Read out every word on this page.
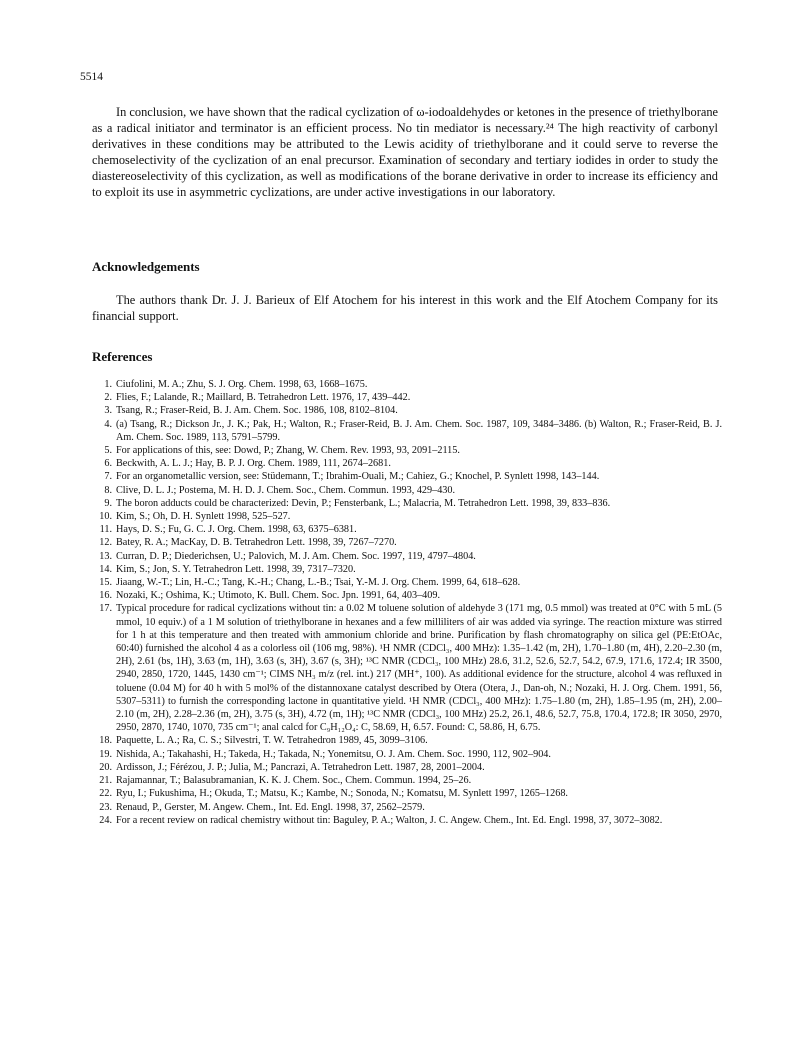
5514

In conclusion, we have shown that the radical cyclization of ω-iodoaldehydes or ketones in the presence of triethylborane as a radical initiator and terminator is an efficient process. No tin mediator is necessary.²⁴ The high reactivity of carbonyl derivatives in these conditions may be attributed to the Lewis acidity of triethylborane and it could serve to reverse the chemoselectivity of the cyclization of an enal precursor. Examination of secondary and tertiary iodides in order to study the diastereoselectivity of this cyclization, as well as modifications of the borane derivative in order to increase its efficiency and to exploit its use in asymmetric cyclizations, are under active investigations in our laboratory.

Acknowledgements

The authors thank Dr. J. J. Barieux of Elf Atochem for his interest in this work and the Elf Atochem Company for its financial support.

References
1. Ciufolini, M. A.; Zhu, S. J. Org. Chem. 1998, 63, 1668–1675.
2. Flies, F.; Lalande, R.; Maillard, B. Tetrahedron Lett. 1976, 17, 439–442.
3. Tsang, R.; Fraser-Reid, B. J. Am. Chem. Soc. 1986, 108, 8102–8104.
4. (a) Tsang, R.; Dickson Jr., J. K.; Pak, H.; Walton, R.; Fraser-Reid, B. J. Am. Chem. Soc. 1987, 109, 3484–3486. (b) Walton, R.; Fraser-Reid, B. J. Am. Chem. Soc. 1989, 113, 5791–5799.
5. For applications of this, see: Dowd, P.; Zhang, W. Chem. Rev. 1993, 93, 2091–2115.
6. Beckwith, A. L. J.; Hay, B. P. J. Org. Chem. 1989, 111, 2674–2681.
7. For an organometallic version, see: Stüdemann, T.; Ibrahim-Ouali, M.; Cahiez, G.; Knochel, P. Synlett 1998, 143–144.
8. Clive, D. L. J.; Postema, M. H. D. J. Chem. Soc., Chem. Commun. 1993, 429–430.
9. The boron adducts could be characterized: Devin, P.; Fensterbank, L.; Malacria, M. Tetrahedron Lett. 1998, 39, 833–836.
10. Kim, S.; Oh, D. H. Synlett 1998, 525–527.
11. Hays, D. S.; Fu, G. C. J. Org. Chem. 1998, 63, 6375–6381.
12. Batey, R. A.; MacKay, D. B. Tetrahedron Lett. 1998, 39, 7267–7270.
13. Curran, D. P.; Diederichsen, U.; Palovich, M. J. Am. Chem. Soc. 1997, 119, 4797–4804.
14. Kim, S.; Jon, S. Y. Tetrahedron Lett. 1998, 39, 7317–7320.
15. Jiaang, W.-T.; Lin, H.-C.; Tang, K.-H.; Chang, L.-B.; Tsai, Y.-M. J. Org. Chem. 1999, 64, 618–628.
16. Nozaki, K.; Oshima, K.; Utimoto, K. Bull. Chem. Soc. Jpn. 1991, 64, 403–409.
17. Typical procedure for radical cyclizations without tin: a 0.02 M toluene solution of aldehyde 3 (171 mg, 0.5 mmol) was treated at 0°C with 5 mL (5 mmol, 10 equiv.) of a 1 M solution of triethylborane in hexanes and a few milliliters of air was added via syringe. The reaction mixture was stirred for 1 h at this temperature and then treated with ammonium chloride and brine. Purification by flash chromatography on silica gel (PE:EtOAc, 60:40) furnished the alcohol 4 as a colorless oil (106 mg, 98%). ¹H NMR (CDCl₃, 400 MHz): 1.35–1.42 (m, 2H), 1.70–1.80 (m, 4H), 2.20–2.30 (m, 2H), 2.61 (bs, 1H), 3.63 (m, 1H), 3.63 (s, 3H), 3.67 (s, 3H); ¹³C NMR (CDCl₃, 100 MHz) 28.6, 31.2, 52.6, 52.7, 54.2, 67.9, 171.6, 172.4; IR 3500, 2940, 2850, 1720, 1445, 1430 cm⁻¹; CIMS NH₃ m/z (rel. int.) 217 (MH⁺, 100). As additional evidence for the structure, alcohol 4 was refluxed in toluene (0.04 M) for 40 h with 5 mol% of the distannoxane catalyst described by Otera (Otera, J., Dan-oh, N.; Nozaki, H. J. Org. Chem. 1991, 56, 5307–5311) to furnish the corresponding lactone in quantitative yield. ¹H NMR (CDCl₃, 400 MHz): 1.75–1.80 (m, 2H), 1.85–1.95 (m, 2H), 2.00–2.10 (m, 2H), 2.28–2.36 (m, 2H), 3.75 (s, 3H), 4.72 (m, 1H); ¹³C NMR (CDCl₃, 100 MHz) 25.2, 26.1, 48.6, 52.7, 75.8, 170.4, 172.8; IR 3050, 2970, 2950, 2870, 1740, 1070, 735 cm⁻¹; anal calcd for C₉H₁₂O₄: C, 58.69, H, 6.57. Found: C, 58.86, H, 6.75.
18. Paquette, L. A.; Ra, C. S.; Silvestri, T. W. Tetrahedron 1989, 45, 3099–3106.
19. Nishida, A.; Takahashi, H.; Takeda, H.; Takada, N.; Yonemitsu, O. J. Am. Chem. Soc. 1990, 112, 902–904.
20. Ardisson, J.; Férézou, J. P.; Julia, M.; Pancrazi, A. Tetrahedron Lett. 1987, 28, 2001–2004.
21. Rajamannar, T.; Balasubramanian, K. K. J. Chem. Soc., Chem. Commun. 1994, 25–26.
22. Ryu, I.; Fukushima, H.; Okuda, T.; Matsu, K.; Kambe, N.; Sonoda, N.; Komatsu, M. Synlett 1997, 1265–1268.
23. Renaud, P., Gerster, M. Angew. Chem., Int. Ed. Engl. 1998, 37, 2562–2579.
24. For a recent review on radical chemistry without tin: Baguley, P. A.; Walton, J. C. Angew. Chem., Int. Ed. Engl. 1998, 37, 3072–3082.
